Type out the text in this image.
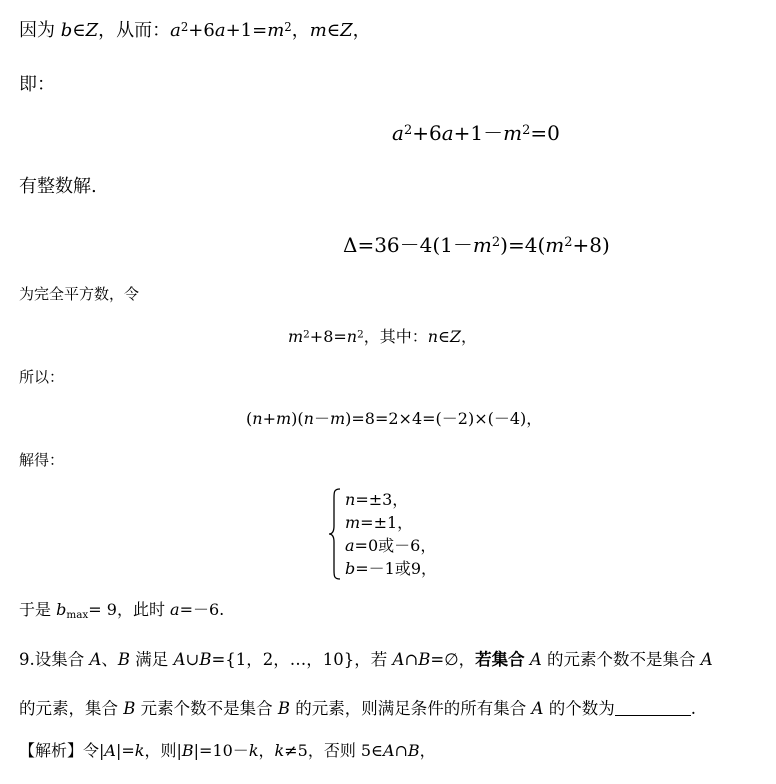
因为 b∈Z，从而：$a^2+6a+1=m^2$，m∈Z，
即：
$a^2+6a+1-m^2=0$
有整数解.
$\Delta=36-4(1-m^2)=4(m^2+8)$
为完全平方数，令
$m^2+8=n^2$，其中：n∈Z，
所以：
(n+m)(n－m)=8=2×4=(－2)×(－4)，
解得：
n=±3，
m=±1，
a=0或－6，
b=－1或9，
于是 $b_{max}= 9$，此时 a=－6.
9.设集合 A、B 满足 A∪B={1，2，…，10}，若 A∩B=∅，若集合 A 的元素个数不是集合 A
的元素，集合 B 元素个数不是集合 B 的元素，则满足条件的所有集合 A 的个数为	.
【解析】令|A|=k，则|B|=10－k，k≠5，否则 5∈A∩B，
